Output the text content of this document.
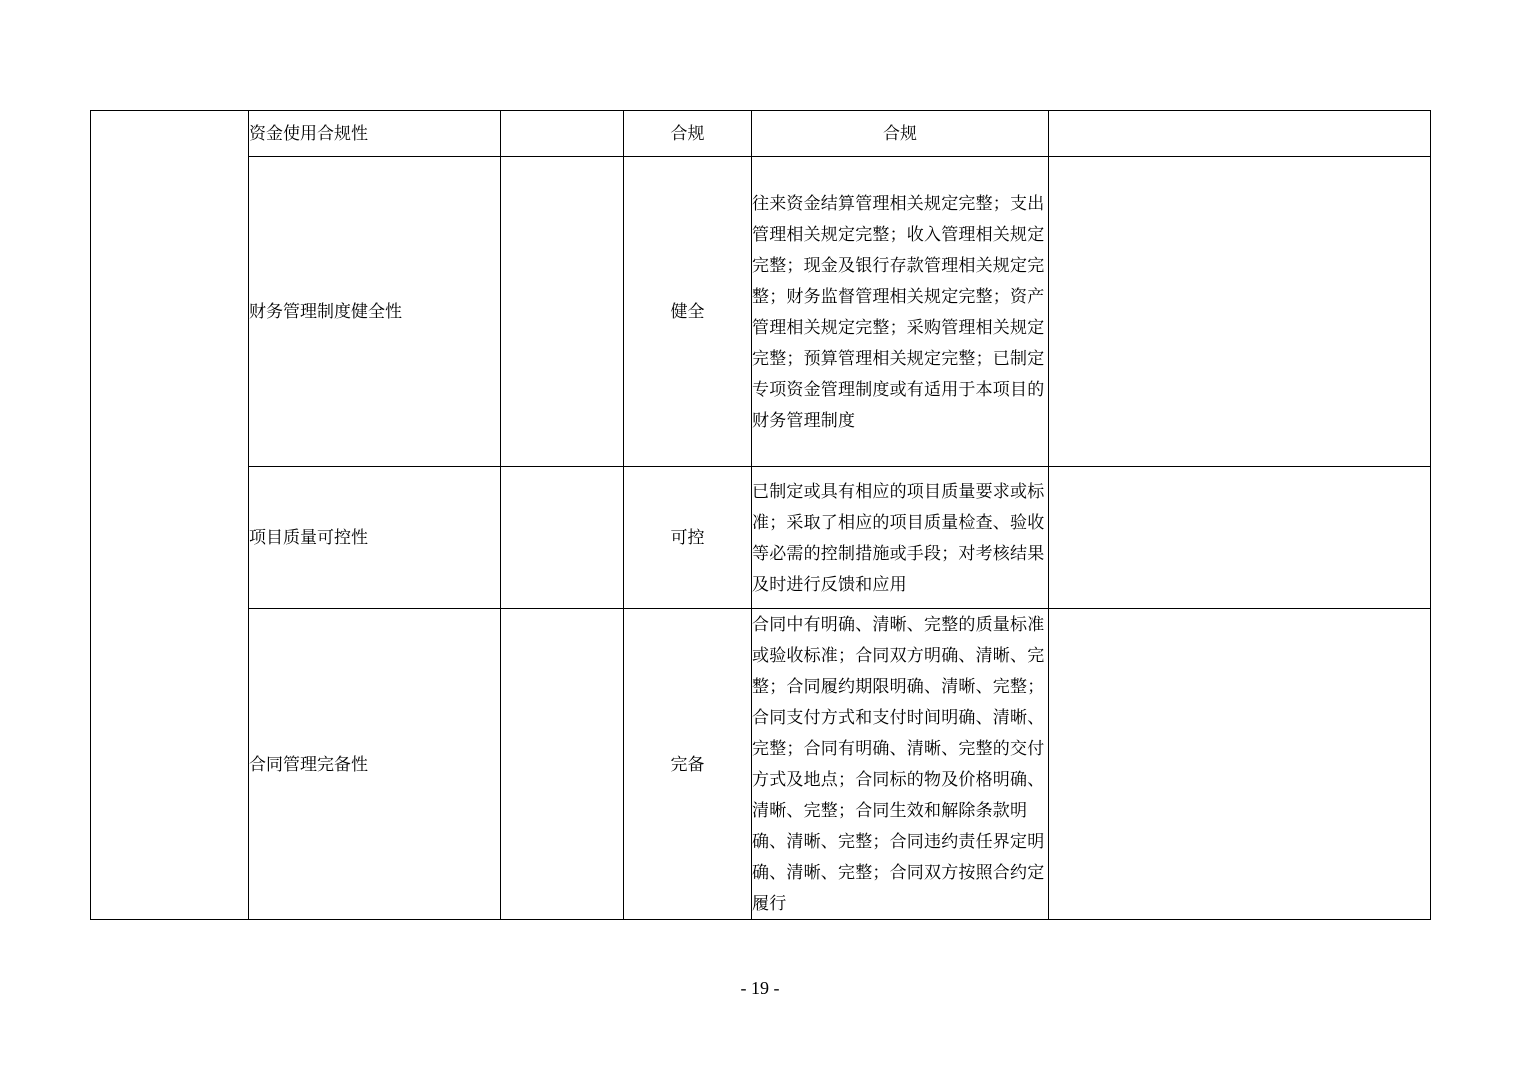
	资金使用合规性		合规	合规	
	财务管理制度健全性		健全	往来资金结算管理相关规定完整；支出管理相关规定完整；收入管理相关规定完整；现金及银行存款管理相关规定完整；财务监督管理相关规定完整；资产管理相关规定完整；采购管理相关规定完整；预算管理相关规定完整；已制定专项资金管理制度或有适用于本项目的财务管理制度	

	项目质量可控性		可控	已制定或具有相应的项目质量要求或标准；采取了相应的项目质量检查、验收等必需的控制措施或手段；对考核结果及时进行反馈和应用	

	合同管理完备性		完备	合同中有明确、清晰、完整的质量标准或验收标准；合同双方明确、清晰、完整；合同履约期限明确、清晰、完整；合同支付方式和支付时间明确、清晰、完整；合同有明确、清晰、完整的交付方式及地点；合同标的物及价格明确、清晰、完整；合同生效和解除条款明确、清晰、完整；合同违约责任界定明确、清晰、完整；合同双方按照合约定履行	

- 19 -
